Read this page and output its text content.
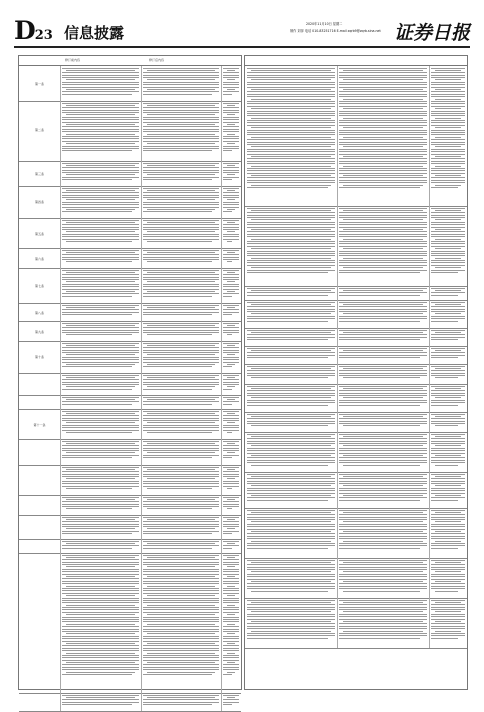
D23 信息披露	2020年11月10日 星期二
制作 刘萍 电话 010-83251716 E-mail zqrb9@zqrb.sina.net 证券日报
修订前内容	修订后内容
第一条
第二条
第三条
第四条
第五条
第六条
第七条
第八条
第九条
第十条
第十一条
